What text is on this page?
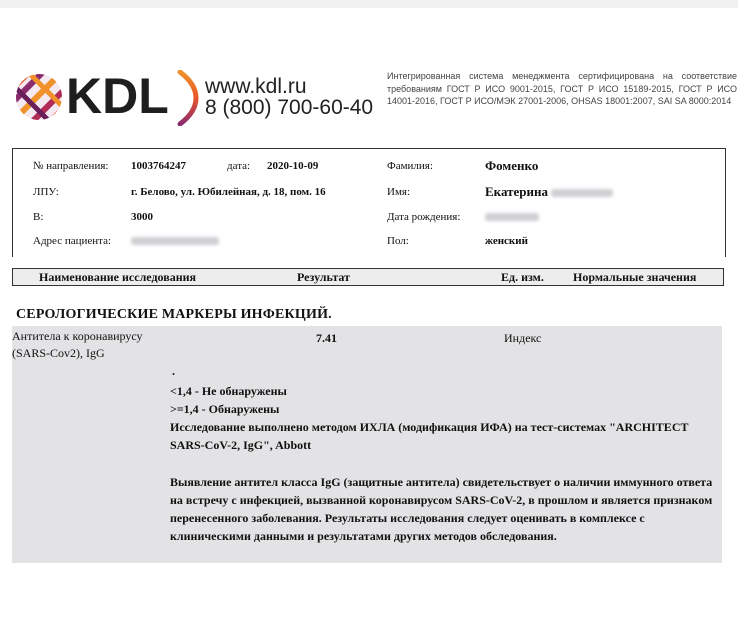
KDL www.kdl.ru
8 (800) 700-60-40
Интегрированная система менеджмента сертифицирована на соответствие требованиям ГОСТ Р ИСО 9001-2015, ГОСТ Р ИСО 15189-2015, ГОСТ Р ИСО 14001-2016, ГОСТ Р ИСО/МЭК 27001-2006, OHSAS 18001:2007, SAI SA 8000:2014
№ направления: 1003764247	дата: 2020-10-09
ЛПУ:	г. Белово, ул. Юбилейная, д. 18, пом. 16
В:	3000
Адрес пациента:
Фамилия:	Фоменко
Имя:	Екатерина
Дата рождения:
Пол:	женский
Наименование исследования	Результат	Ед. изм. Нормальные значения
СЕРОЛОГИЧЕСКИЕ МАРКЕРЫ ИНФЕКЦИЙ.
Антитела к коронавирусу
(SARS-Cov2), IgG
7.41	Индекс
.
<1,4 - Не обнаружены
>=1,4 - Обнаружены
Исследование выполнено методом ИХЛА (модификация ИФА) на тест-системах "ARCHITECT SARS-CoV-2, IgG", Abbott
Выявление антител класса IgG (защитные антитела) свидетельствует о наличии иммунного ответа на встречу с инфекцией, вызванной коронавирусом SARS-CoV-2, в прошлом и является признаком перенесенного заболевания. Результаты исследования следует оценивать в комплексе с клиническими данными и результатами других методов обследования.
